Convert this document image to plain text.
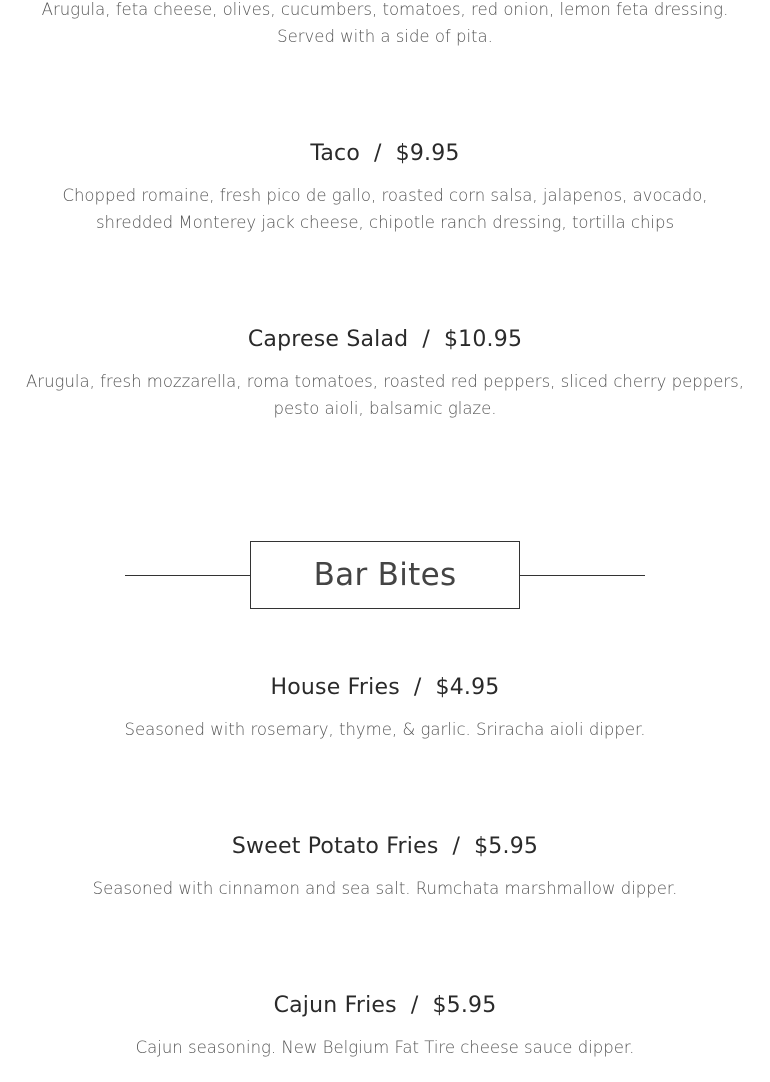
Arugula, feta cheese, olives, cucumbers, tomatoes, red onion, lemon feta dressing. Served with a side of pita.
Taco / $9.95
Chopped romaine, fresh pico de gallo, roasted corn salsa, jalapenos, avocado, shredded Monterey jack cheese, chipotle ranch dressing, tortilla chips
Caprese Salad / $10.95
Arugula, fresh mozzarella, roma tomatoes, roasted red peppers, sliced cherry peppers, pesto aioli, balsamic glaze.
Bar Bites
House Fries / $4.95
Seasoned with rosemary, thyme, & garlic. Sriracha aioli dipper.
Sweet Potato Fries / $5.95
Seasoned with cinnamon and sea salt. Rumchata marshmallow dipper.
Cajun Fries / $5.95
Cajun seasoning. New Belgium Fat Tire cheese sauce dipper.
